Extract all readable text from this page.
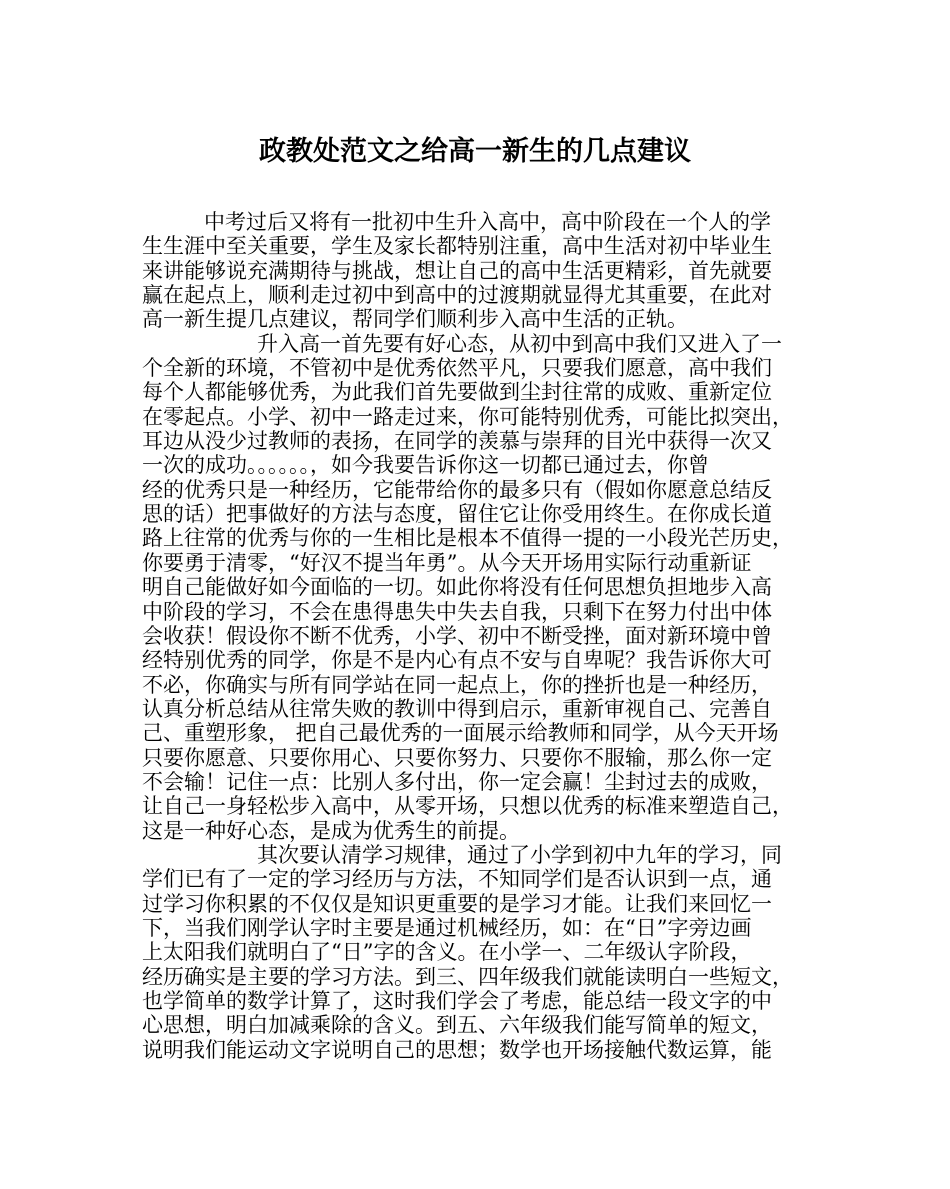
政教处范文之给高一新生的几点建议
中考过后又将有一批初中生升入高中，高中阶段在一个人的学
生生涯中至关重要，学生及家长都特别注重，高中生活对初中毕业生
来讲能够说充满期待与挑战，想让自己的高中生活更精彩，首先就要
赢在起点上，顺利走过初中到高中的过渡期就显得尤其重要，在此对
高一新生提几点建议，帮同学们顺利步入高中生活的正轨。
升入高一首先要有好心态，从初中到高中我们又进入了一
个全新的环境，不管初中是优秀依然平凡，只要我们愿意，高中我们
每个人都能够优秀，为此我们首先要做到尘封往常的成败、重新定位
在零起点。小学、初中一路走过来，你可能特别优秀，可能比拟突出，
耳边从没少过教师的表扬，在同学的羡慕与崇拜的目光中获得一次又
一次的成功。。。。。。，如今我要告诉你这一切都已通过去，你曾
经的优秀只是一种经历，它能带给你的最多只有（假如你愿意总结反
思的话）把事做好的方法与态度，留住它让你受用终生。在你成长道
路上往常的优秀与你的一生相比是根本不值得一提的一小段光芒历史，
你要勇于清零，“好汉不提当年勇”。从今天开场用实际行动重新证
明自己能做好如今面临的一切。如此你将没有任何思想负担地步入高
中阶段的学习，不会在患得患失中失去自我，只剩下在努力付出中体
会收获！假设你不断不优秀，小学、初中不断受挫，面对新环境中曾
经特别优秀的同学，你是不是内心有点不安与自卑呢？我告诉你大可
不必，你确实与所有同学站在同一起点上，你的挫折也是一种经历，
认真分析总结从往常失败的教训中得到启示，重新审视自己、完善自
己、重塑形象， 把自己最优秀的一面展示给教师和同学，从今天开场
只要你愿意、只要你用心、只要你努力、只要你不服输，那么你一定
不会输！记住一点：比别人多付出，你一定会赢！尘封过去的成败，
让自己一身轻松步入高中，从零开场，只想以优秀的标准来塑造自己，
这是一种好心态，是成为优秀生的前提。
其次要认清学习规律，通过了小学到初中九年的学习，同
学们已有了一定的学习经历与方法，不知同学们是否认识到一点，通
过学习你积累的不仅仅是知识更重要的是学习才能。让我们来回忆一
下，当我们刚学认字时主要是通过机械经历，如：在“日”字旁边画
上太阳我们就明白了“日”字的含义。在小学一、二年级认字阶段，
经历确实是主要的学习方法。到三、四年级我们就能读明白一些短文，
也学简单的数学计算了，这时我们学会了考虑，能总结一段文字的中
心思想，明白加减乘除的含义。到五、六年级我们能写简单的短文，
说明我们能运动文字说明自己的思想；数学也开场接触代数运算，能
